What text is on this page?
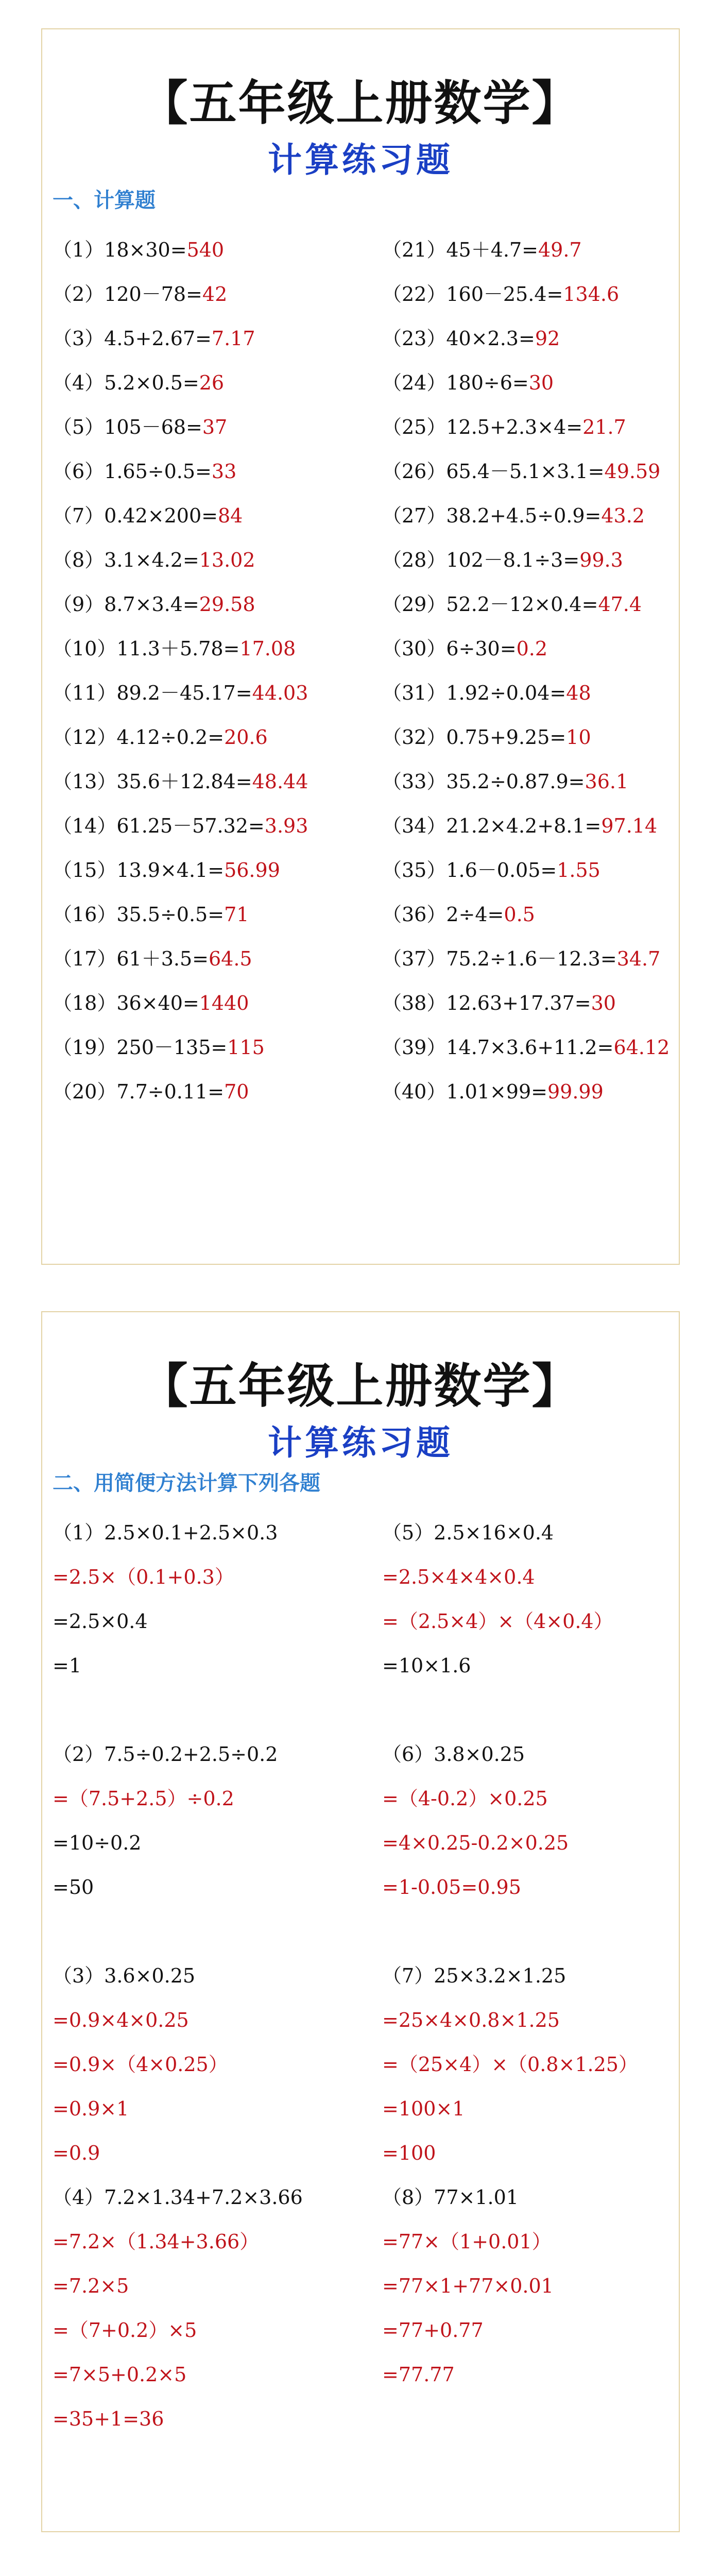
【五年级上册数学】
计算练习题
一、计算题
（1）18×30=540
（2）120－78=42
（3）4.5+2.67=7.17
（4）5.2×0.5=26
（5）105－68=37
（6）1.65÷0.5=33
（7）0.42×200=84
（8）3.1×4.2=13.02
（9）8.7×3.4=29.58
（10）11.3＋5.78=17.08
（11）89.2－45.17=44.03
（12）4.12÷0.2=20.6
（13）35.6＋12.84=48.44
（14）61.25－57.32=3.93
（15）13.9×4.1=56.99
（16）35.5÷0.5=71
（17）61＋3.5=64.5
（18）36×40=1440
（19）250－135=115
（20）7.7÷0.11=70
（21）45＋4.7=49.7
（22）160－25.4=134.6
（23）40×2.3=92
（24）180÷6=30
（25）12.5+2.3×4=21.7
（26）65.4－5.1×3.1=49.59
（27）38.2+4.5÷0.9=43.2
（28）102－8.1÷3=99.3
（29）52.2－12×0.4=47.4
（30）6÷30=0.2
（31）1.92÷0.04=48
（32）0.75+9.25=10
（33）35.2÷0.87.9=36.1
（34）21.2×4.2+8.1=97.14
（35）1.6－0.05=1.55
（36）2÷4=0.5
（37）75.2÷1.6－12.3=34.7
（38）12.63+17.37=30
（39）14.7×3.6+11.2=64.12
（40）1.01×99=99.99
【五年级上册数学】
计算练习题
二、用简便方法计算下列各题
（1）2.5×0.1+2.5×0.3
=2.5×（0.1+0.3）
=2.5×0.4
=1
（5）2.5×16×0.4
=2.5×4×4×0.4
=（2.5×4）×（4×0.4）
=10×1.6
（2）7.5÷0.2+2.5÷0.2
=（7.5+2.5）÷0.2
=10÷0.2
=50
（6）3.8×0.25
=（4-0.2）×0.25
=4×0.25-0.2×0.25
=1-0.05=0.95
（3）3.6×0.25
=0.9×4×0.25
=0.9×（4×0.25）
=0.9×1
=0.9
（7）25×3.2×1.25
=25×4×0.8×1.25
=（25×4）×（0.8×1.25）
=100×1
=100
（4）7.2×1.34+7.2×3.66
=7.2×（1.34+3.66）
=7.2×5
=（7+0.2）×5
=7×5+0.2×5
=35+1=36
（8）77×1.01
=77×（1+0.01）
=77×1+77×0.01
=77+0.77
=77.77
